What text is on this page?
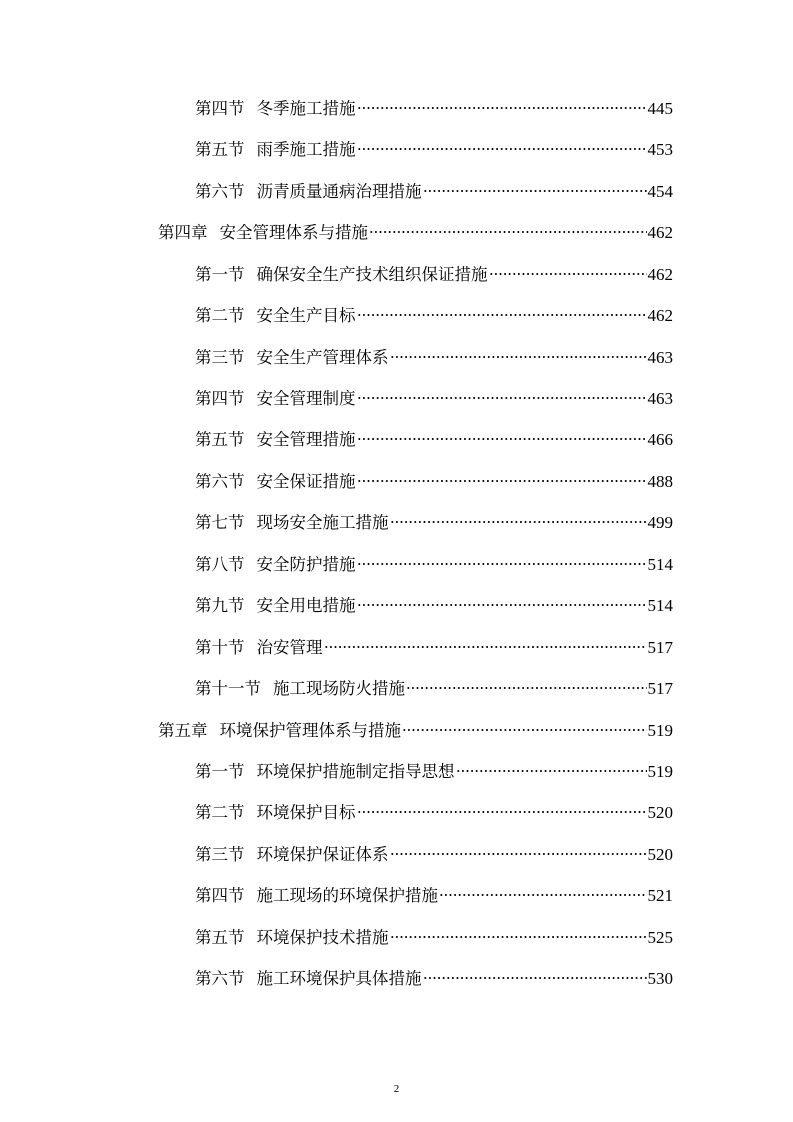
第四节 冬季施工措施	445
第五节 雨季施工措施	453
第六节 沥青质量通病治理措施	454
第四章 安全管理体系与措施	462
第一节 确保安全生产技术组织保证措施	462
第二节 安全生产目标	462
第三节 安全生产管理体系	463
第四节 安全管理制度	463
第五节 安全管理措施	466
第六节 安全保证措施	488
第七节 现场安全施工措施	499
第八节 安全防护措施	514
第九节 安全用电措施	514
第十节 治安管理	517
第十一节 施工现场防火措施	517
第五章 环境保护管理体系与措施	519
第一节 环境保护措施制定指导思想	519
第二节 环境保护目标	520
第三节 环境保护保证体系	520
第四节 施工现场的环境保护措施	521
第五节 环境保护技术措施	525
第六节 施工环境保护具体措施	530
2
